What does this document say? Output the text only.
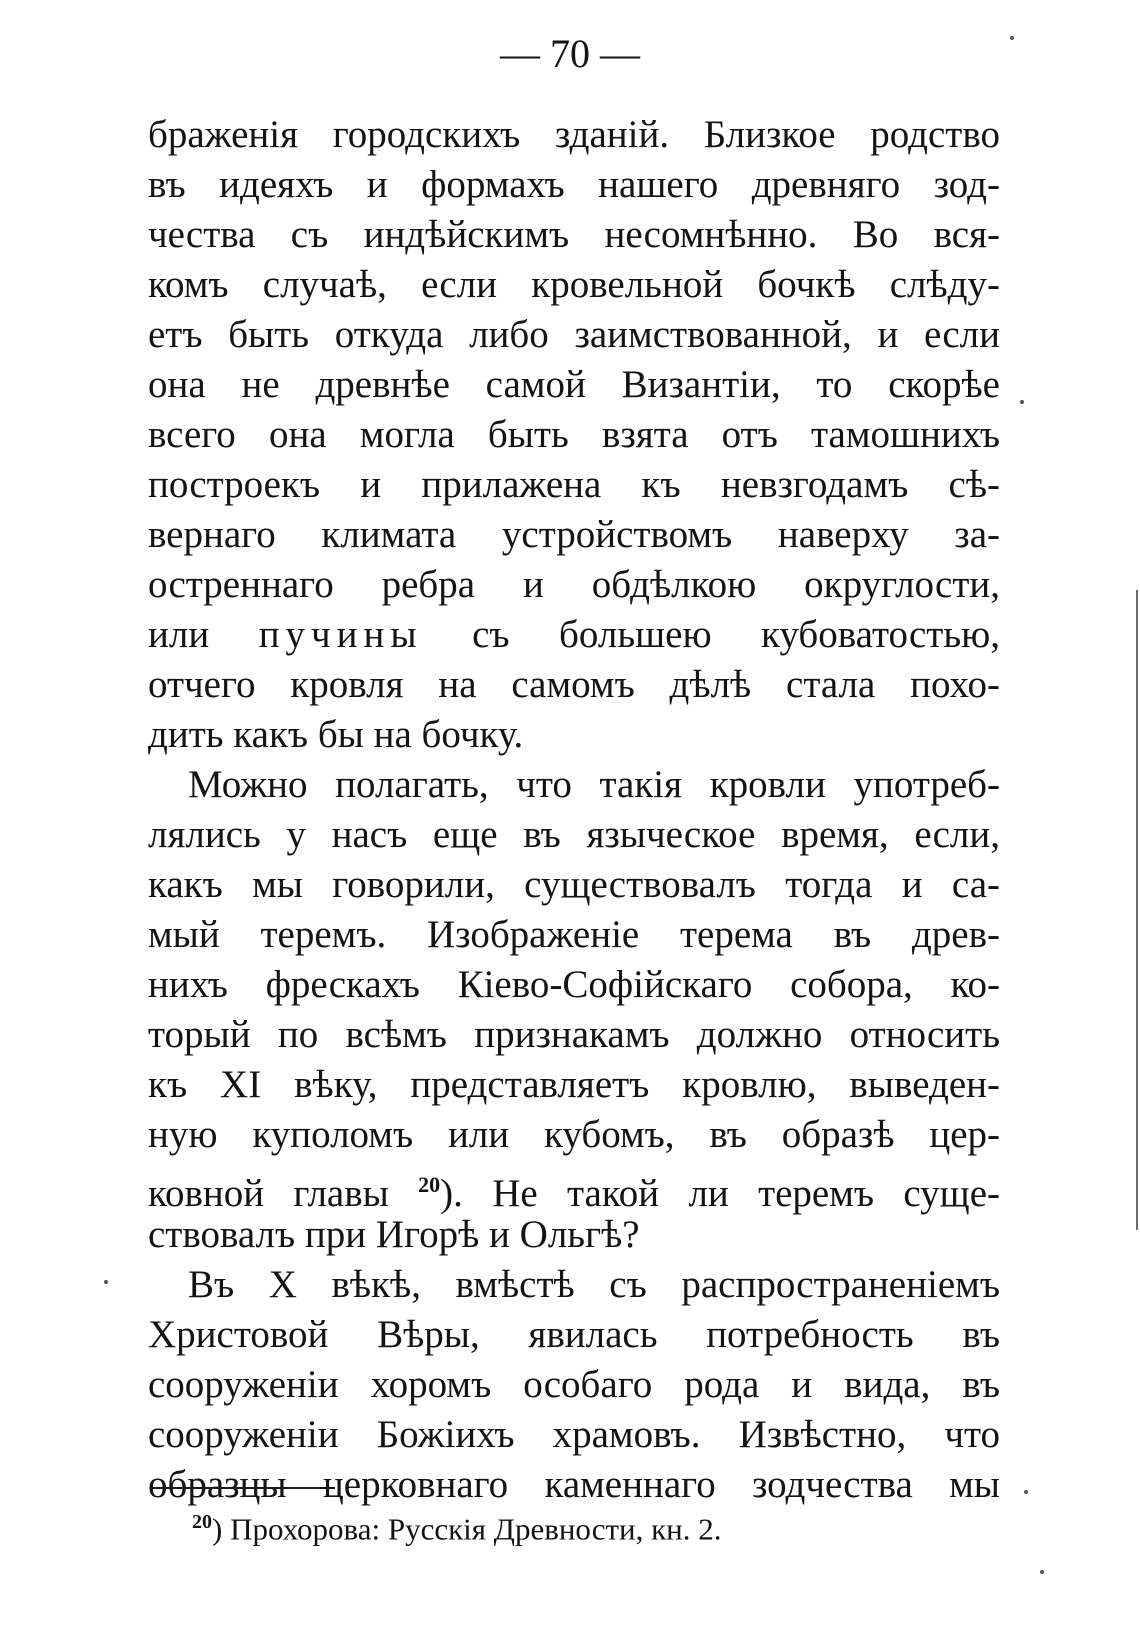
— 70 —
браженія городскихъ зданій. Близкое родство
въ идеяхъ и формахъ нашего древняго зод-
чества съ индѣйскимъ несомнѣнно. Во вся-
комъ случаѣ, если кровельной бочкѣ слѣду-
етъ быть откуда либо заимствованной, и если
она не древнѣе самой Византіи, то скорѣе
всего она могла быть взята отъ тамошнихъ
построекъ и прилажена къ невзгодамъ сѣ-
вернаго климата устройствомъ наверху за-
остреннаго ребра и обдѣлкою округлости,
или пучины съ большею кубоватостью,
отчего кровля на самомъ дѣлѣ стала похо-
дить какъ бы на бочку.
Можно полагать, что такія кровли употреб-
лялись у насъ еще въ языческое время, если,
какъ мы говорили, существовалъ тогда и са-
мый теремъ. Изображеніе терема въ древ-
нихъ фрескахъ Кіево-Софійскаго собора, ко-
торый по всѣмъ признакамъ должно относить
къ XI вѣку, представляетъ кровлю, выведен-
ную куполомъ или кубомъ, въ образѣ цер-
ковной главы $^{20}$). Не такой ли теремъ суще-
ствовалъ при Игорѣ и Ольгѣ?
Въ X вѣкѣ, вмѣстѣ съ распространеніемъ
Христовой Вѣры, явилась потребность въ
сооруженіи хоромъ особаго рода и вида, въ
сооруженіи Божіихъ храмовъ. Извѣстно, что
образцы церковнаго каменнаго зодчества мы
$^{20}$) Прохорова: Русскія Древности, кн. 2.
